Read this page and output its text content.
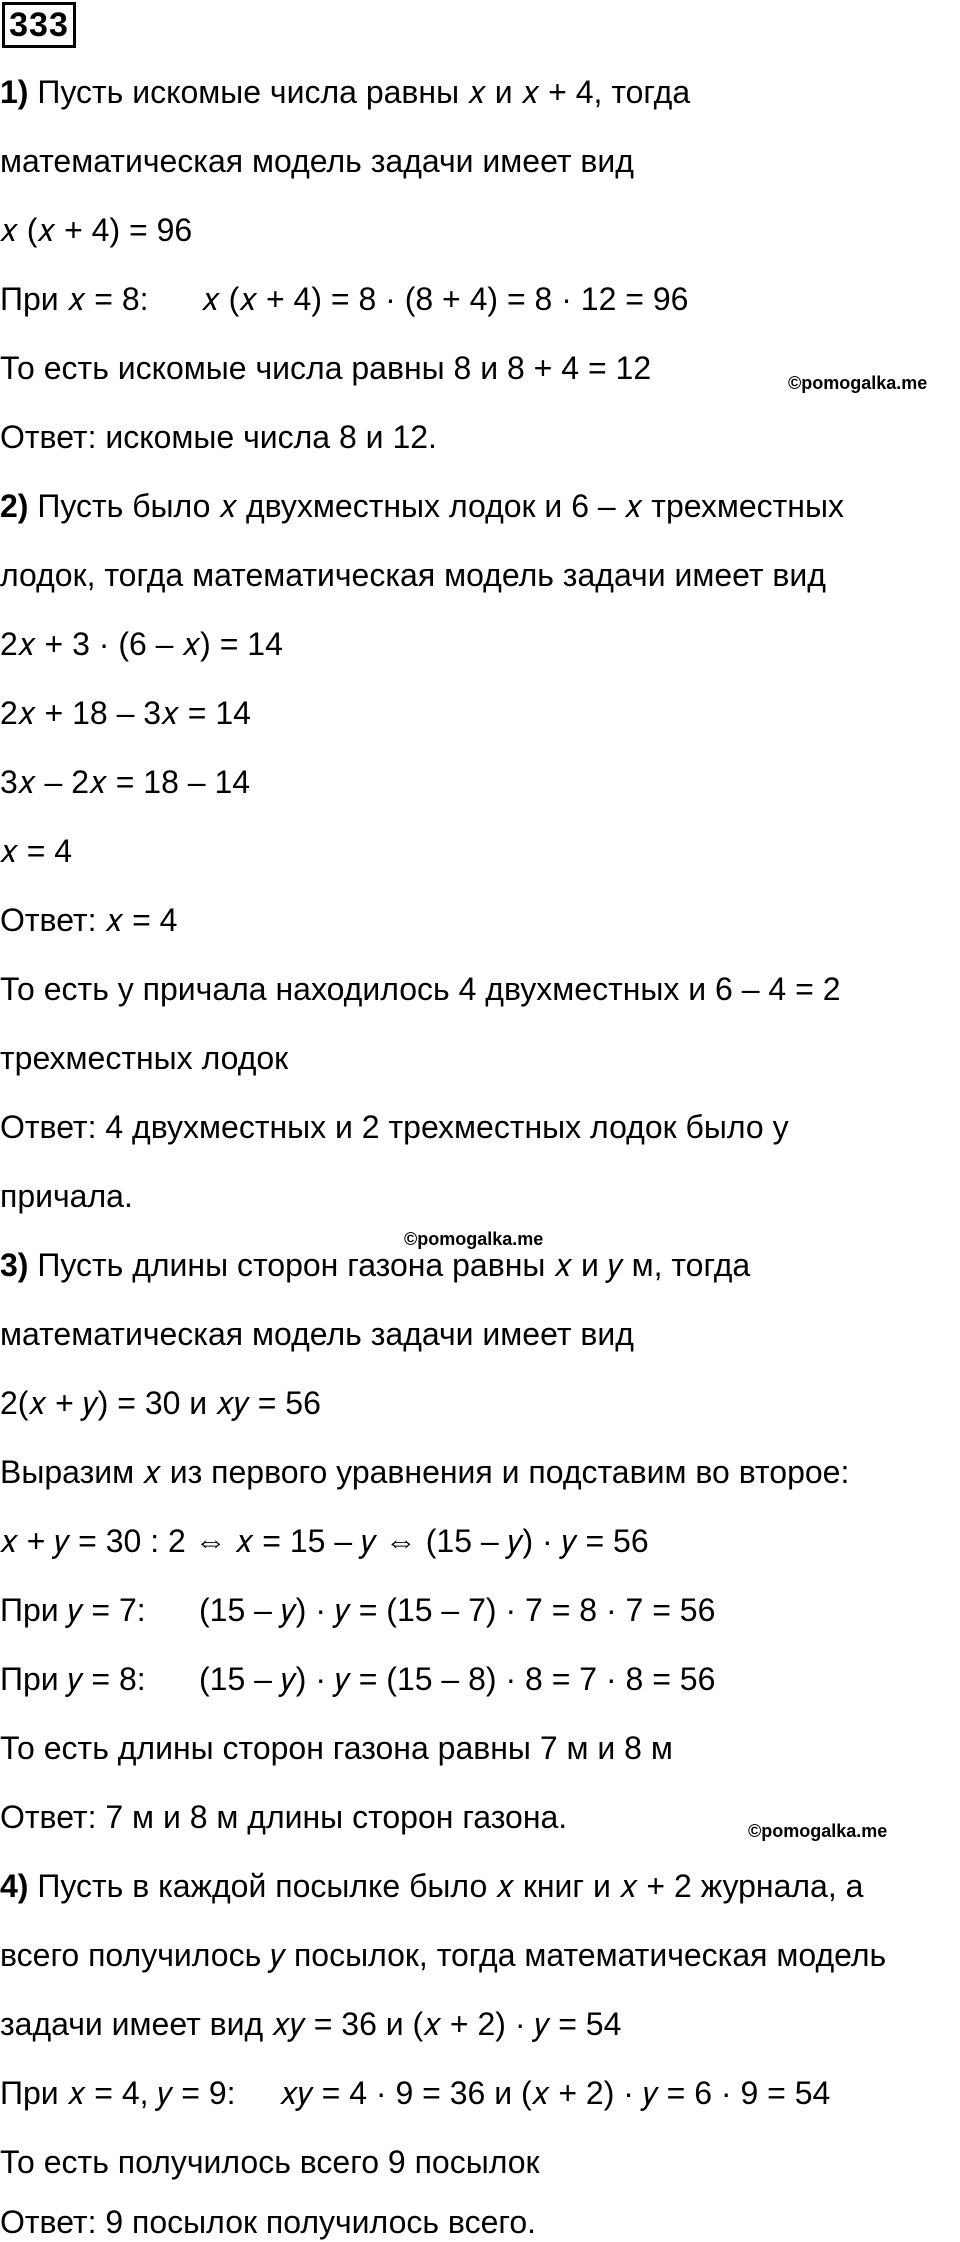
333
1) Пусть искомые числа равны 𝑥 и 𝑥 + 4, тогда
математическая модель задачи имеет вид
𝑥 (𝑥 + 4) = 96
При 𝑥 = 8:      𝑥 (𝑥 + 4) = 8 · (8 + 4) = 8 · 12 = 96
То есть искомые числа равны 8 и 8 + 4 = 12
Ответ: искомые числа 8 и 12.
2) Пусть было 𝑥 двухместных лодок и 6 – 𝑥 трехместных
лодок, тогда математическая модель задачи имеет вид
2𝑥 + 3 · (6 – 𝑥) = 14
2𝑥 + 18 – 3𝑥 = 14
3𝑥 – 2𝑥 = 18 – 14
𝑥 = 4
Ответ: 𝑥 = 4
То есть у причала находилось 4 двухместных и 6 – 4 = 2
трехместных лодок
Ответ: 4 двухместных и 2 трехместных лодок было у
причала.
3) Пусть длины сторон газона равны 𝑥 и 𝑦 м, тогда
математическая модель задачи имеет вид
2(𝑥 + 𝑦) = 30 и 𝑥𝑦 = 56
Выразим 𝑥 из первого уравнения и подставим во второе:
𝑥 + 𝑦 = 30 : 2 ⇔ 𝑥 = 15 – 𝑦 ⇔ (15 – 𝑦) · 𝑦 = 56
При 𝑦 = 7:      (15 – 𝑦) · 𝑦 = (15 – 7) · 7 = 8 · 7 = 56
При 𝑦 = 8:      (15 – 𝑦) · 𝑦 = (15 – 8) · 8 = 7 · 8 = 56
То есть длины сторон газона равны 7 м и 8 м
Ответ: 7 м и 8 м длины сторон газона.
4) Пусть в каждой посылке было 𝑥 книг и 𝑥 + 2 журнала, а
всего получилось 𝑦 посылок, тогда математическая модель
задачи имеет вид 𝑥𝑦 = 36 и (𝑥 + 2) · 𝑦 = 54
При 𝑥 = 4, 𝑦 = 9:     𝑥𝑦 = 4 · 9 = 36 и (𝑥 + 2) · 𝑦 = 6 · 9 = 54
То есть получилось всего 9 посылок
Ответ: 9 посылок получилось всего.
©pomogalka.me
©pomogalka.me
©pomogalka.me
